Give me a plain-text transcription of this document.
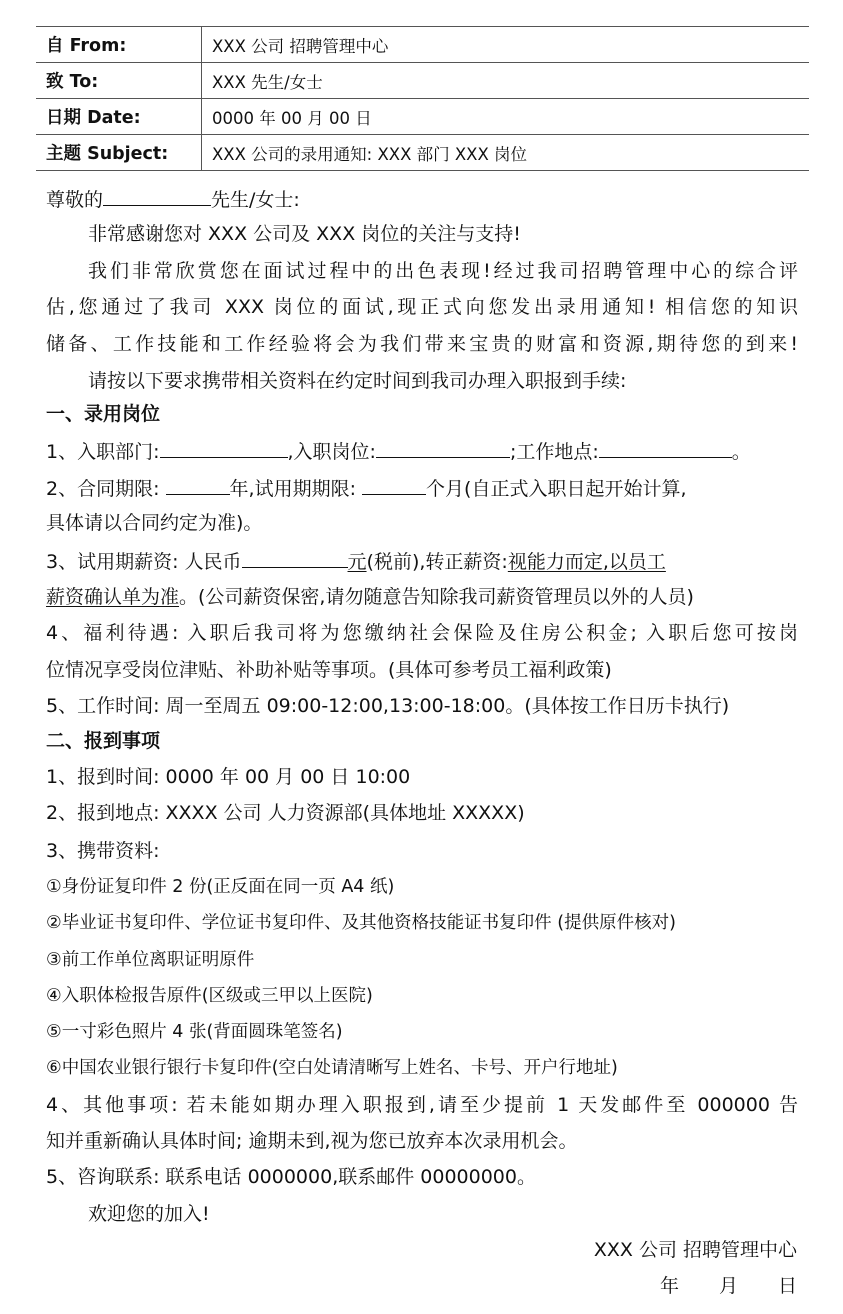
自 From:	XXX 公司 招聘管理中心
致 To:	XXX 先生/女士
日期 Date:	0000 年 00 月 00 日
主题 Subject:	XXX 公司的录用通知: XXX 部门 XXX 岗位
尊敬的	先生/女士:
非常感谢您对 XXX 公司及 XXX 岗位的关注与支持!
我们非常欣赏您在面试过程中的出色表现!经过我司招聘管理中心的综合评
估,您通过了我司 XXX 岗位的面试,现正式向您发出录用通知! 相信您的知识
储备、工作技能和工作经验将会为我们带来宝贵的财富和资源,期待您的到来!
请按以下要求携带相关资料在约定时间到我司办理入职报到手续:
一、录用岗位
1、入职部门:	,入职岗位:	;工作地点:	。
2、合同期限:	年,试用期期限:	个月(自正式入职日起开始计算,
具体请以合同约定为准)。
3、试用期薪资: 人民币	元(税前),转正薪资:视能力而定,以员工
薪资确认单为准。(公司薪资保密,请勿随意告知除我司薪资管理员以外的人员)
4、福利待遇: 入职后我司将为您缴纳社会保险及住房公积金; 入职后您可按岗
位情况享受岗位津贴、补助补贴等事项。(具体可参考员工福利政策)
5、工作时间: 周一至周五 09:00-12:00,13:00-18:00。(具体按工作日历卡执行)
二、报到事项
1、报到时间: 0000 年 00 月 00 日 10:00
2、报到地点: XXXX 公司 人力资源部(具体地址 XXXXX)
3、携带资料:
①身份证复印件 2 份(正反面在同一页 A4 纸)
②毕业证书复印件、学位证书复印件、及其他资格技能证书复印件 (提供原件核对)
③前工作单位离职证明原件
④入职体检报告原件(区级或三甲以上医院)
⑤一寸彩色照片 4 张(背面圆珠笔签名)
⑥中国农业银行银行卡复印件(空白处请清晰写上姓名、卡号、开户行地址)
4、其他事项: 若未能如期办理入职报到,请至少提前 1 天发邮件至 000000 告
知并重新确认具体时间; 逾期未到,视为您已放弃本次录用机会。
5、咨询联系: 联系电话 0000000,联系邮件 00000000。
欢迎您的加入!
XXX 公司 招聘管理中心
年 月 日
